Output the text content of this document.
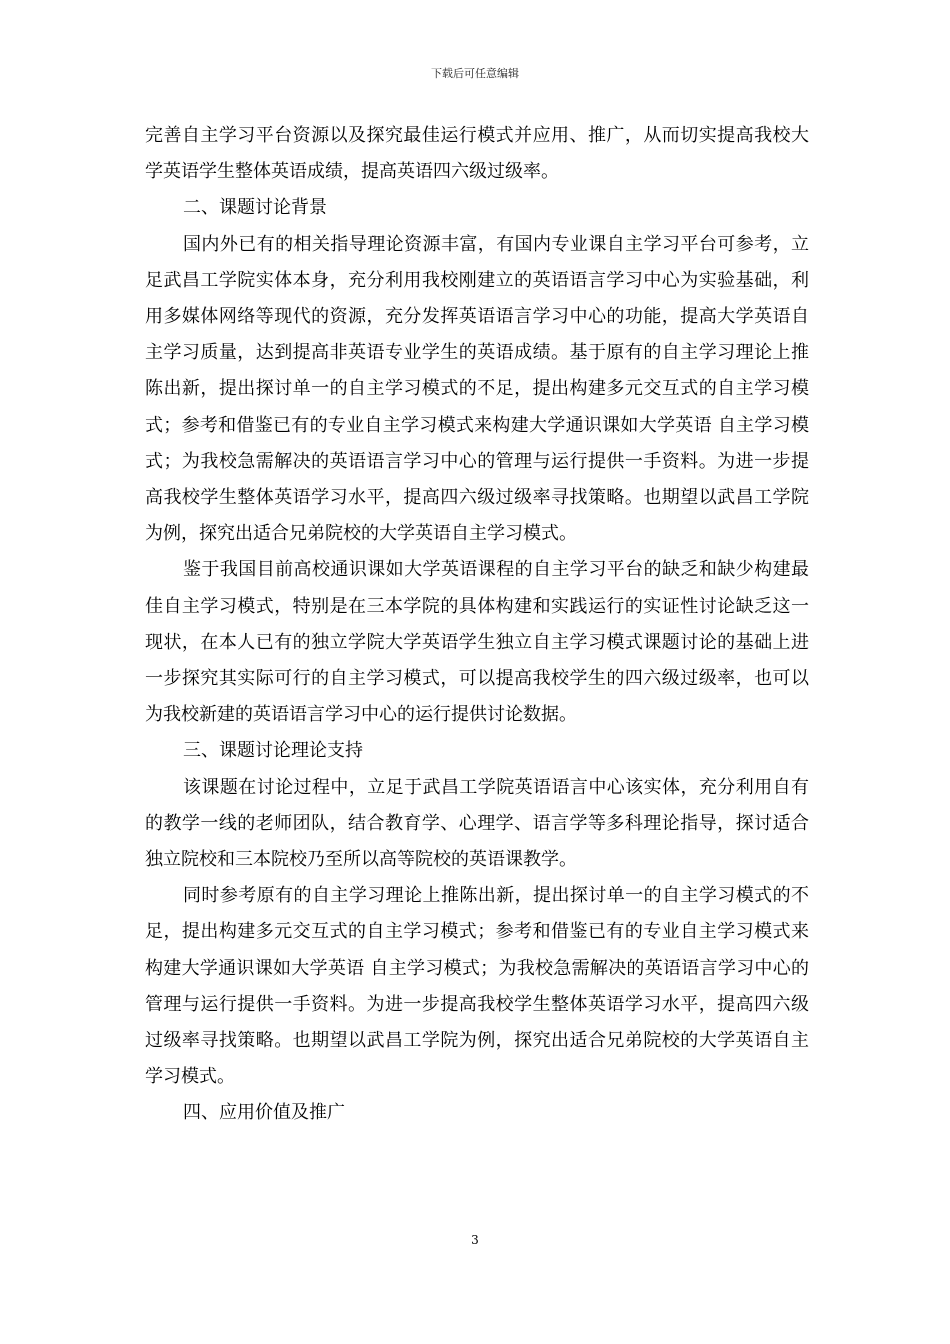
下载后可任意编辑

完善自主学习平台资源以及探究最佳运行模式并应用、推广，从而切实提高我校大学英语学生整体英语成绩，提高英语四六级过级率。

二、课题讨论背景

国内外已有的相关指导理论资源丰富，有国内专业课自主学习平台可参考，立足武昌工学院实体本身，充分利用我校刚建立的英语语言学习中心为实验基础，利用多媒体网络等现代的资源，充分发挥英语语言学习中心的功能，提高大学英语自主学习质量，达到提高非英语专业学生的英语成绩。基于原有的自主学习理论上推陈出新，提出探讨单一的自主学习模式的不足，提出构建多元交互式的自主学习模式；参考和借鉴已有的专业自主学习模式来构建大学通识课如大学英语 自主学习模式；为我校急需解决的英语语言学习中心的管理与运行提供一手资料。为进一步提高我校学生整体英语学习水平，提高四六级过级率寻找策略。也期望以武昌工学院为例，探究出适合兄弟院校的大学英语自主学习模式。

鉴于我国目前高校通识课如大学英语课程的自主学习平台的缺乏和缺少构建最佳自主学习模式，特别是在三本学院的具体构建和实践运行的实证性讨论缺乏这一现状，在本人已有的独立学院大学英语学生独立自主学习模式课题讨论的基础上进一步探究其实际可行的自主学习模式，可以提高我校学生的四六级过级率，也可以为我校新建的英语语言学习中心的运行提供讨论数据。

三、课题讨论理论支持

该课题在讨论过程中，立足于武昌工学院英语语言中心该实体，充分利用自有的教学一线的老师团队，结合教育学、心理学、语言学等多科理论指导，探讨适合独立院校和三本院校乃至所以高等院校的英语课教学。

同时参考原有的自主学习理论上推陈出新，提出探讨单一的自主学习模式的不足，提出构建多元交互式的自主学习模式；参考和借鉴已有的专业自主学习模式来构建大学通识课如大学英语 自主学习模式；为我校急需解决的英语语言学习中心的管理与运行提供一手资料。为进一步提高我校学生整体英语学习水平，提高四六级过级率寻找策略。也期望以武昌工学院为例，探究出适合兄弟院校的大学英语自主学习模式。

四、应用价值及推广

3
